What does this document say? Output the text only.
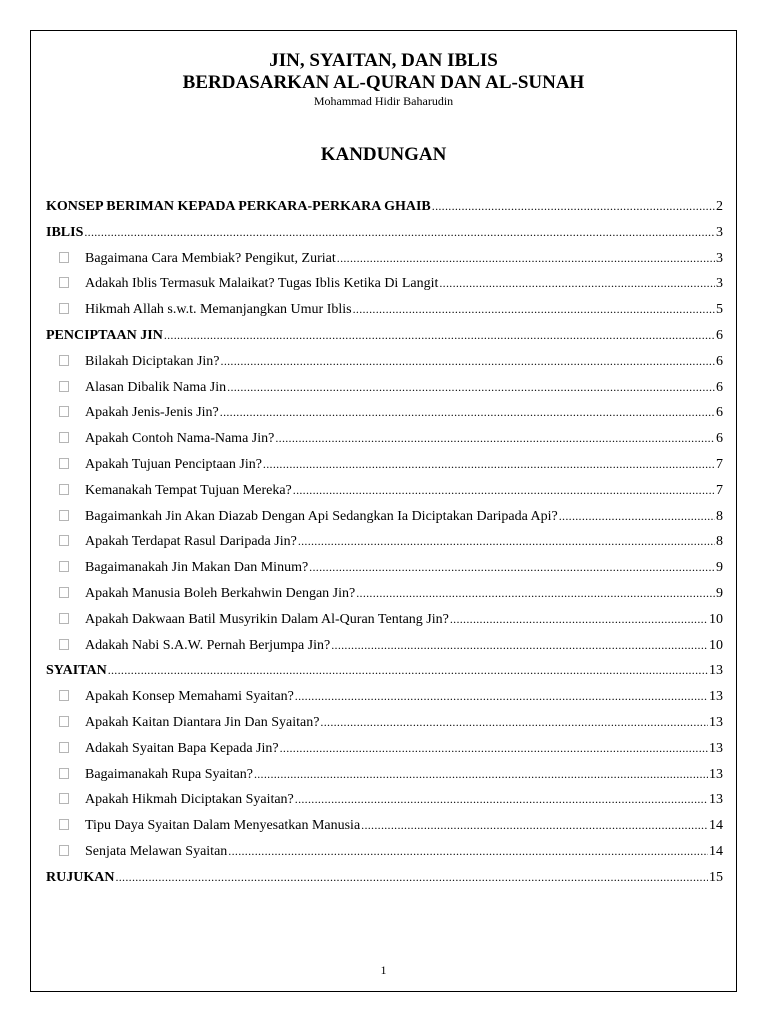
JIN, SYAITAN, DAN IBLIS
BERDASARKAN AL-QURAN DAN AL-SUNAH
Mohammad Hidir Baharudin
KANDUNGAN
KONSEP BERIMAN KEPADA PERKARA-PERKARA GHAIB .....	2
IBLIS .....	3
Bagaimana Cara Membiak? Pengikut, Zuriat .....	3
Adakah Iblis Termasuk Malaikat? Tugas Iblis Ketika Di Langit .....	3
Hikmah Allah s.w.t. Memanjangkan Umur Iblis .....	5
PENCIPTAAN JIN .....	6
Bilakah Diciptakan Jin? .....	6
Alasan Dibalik Nama Jin .....	6
Apakah Jenis-Jenis Jin? .....	6
Apakah Contoh Nama-Nama Jin? .....	6
Apakah Tujuan Penciptaan Jin? .....	7
Kemanakah Tempat Tujuan Mereka? .....	7
Bagaimankah Jin Akan Diazab Dengan Api Sedangkan Ia Diciptakan Daripada Api? .....	8
Apakah Terdapat Rasul Daripada Jin? .....	8
Bagaimanakah Jin Makan Dan Minum? .....	9
Apakah Manusia Boleh Berkahwin Dengan Jin? .....	9
Apakah Dakwaan Batil Musyrikin Dalam Al-Quran Tentang Jin? .....	10
Adakah Nabi S.A.W. Pernah Berjumpa Jin? .....	10
SYAITAN .....	13
Apakah Konsep Memahami Syaitan? .....	13
Apakah Kaitan Diantara Jin Dan Syaitan? .....	13
Adakah Syaitan Bapa Kepada Jin? .....	13
Bagaimanakah Rupa Syaitan? .....	13
Apakah Hikmah Diciptakan Syaitan? .....	13
Tipu Daya Syaitan Dalam Menyesatkan Manusia .....	14
Senjata Melawan Syaitan .....	14
RUJUKAN .....	15
1
